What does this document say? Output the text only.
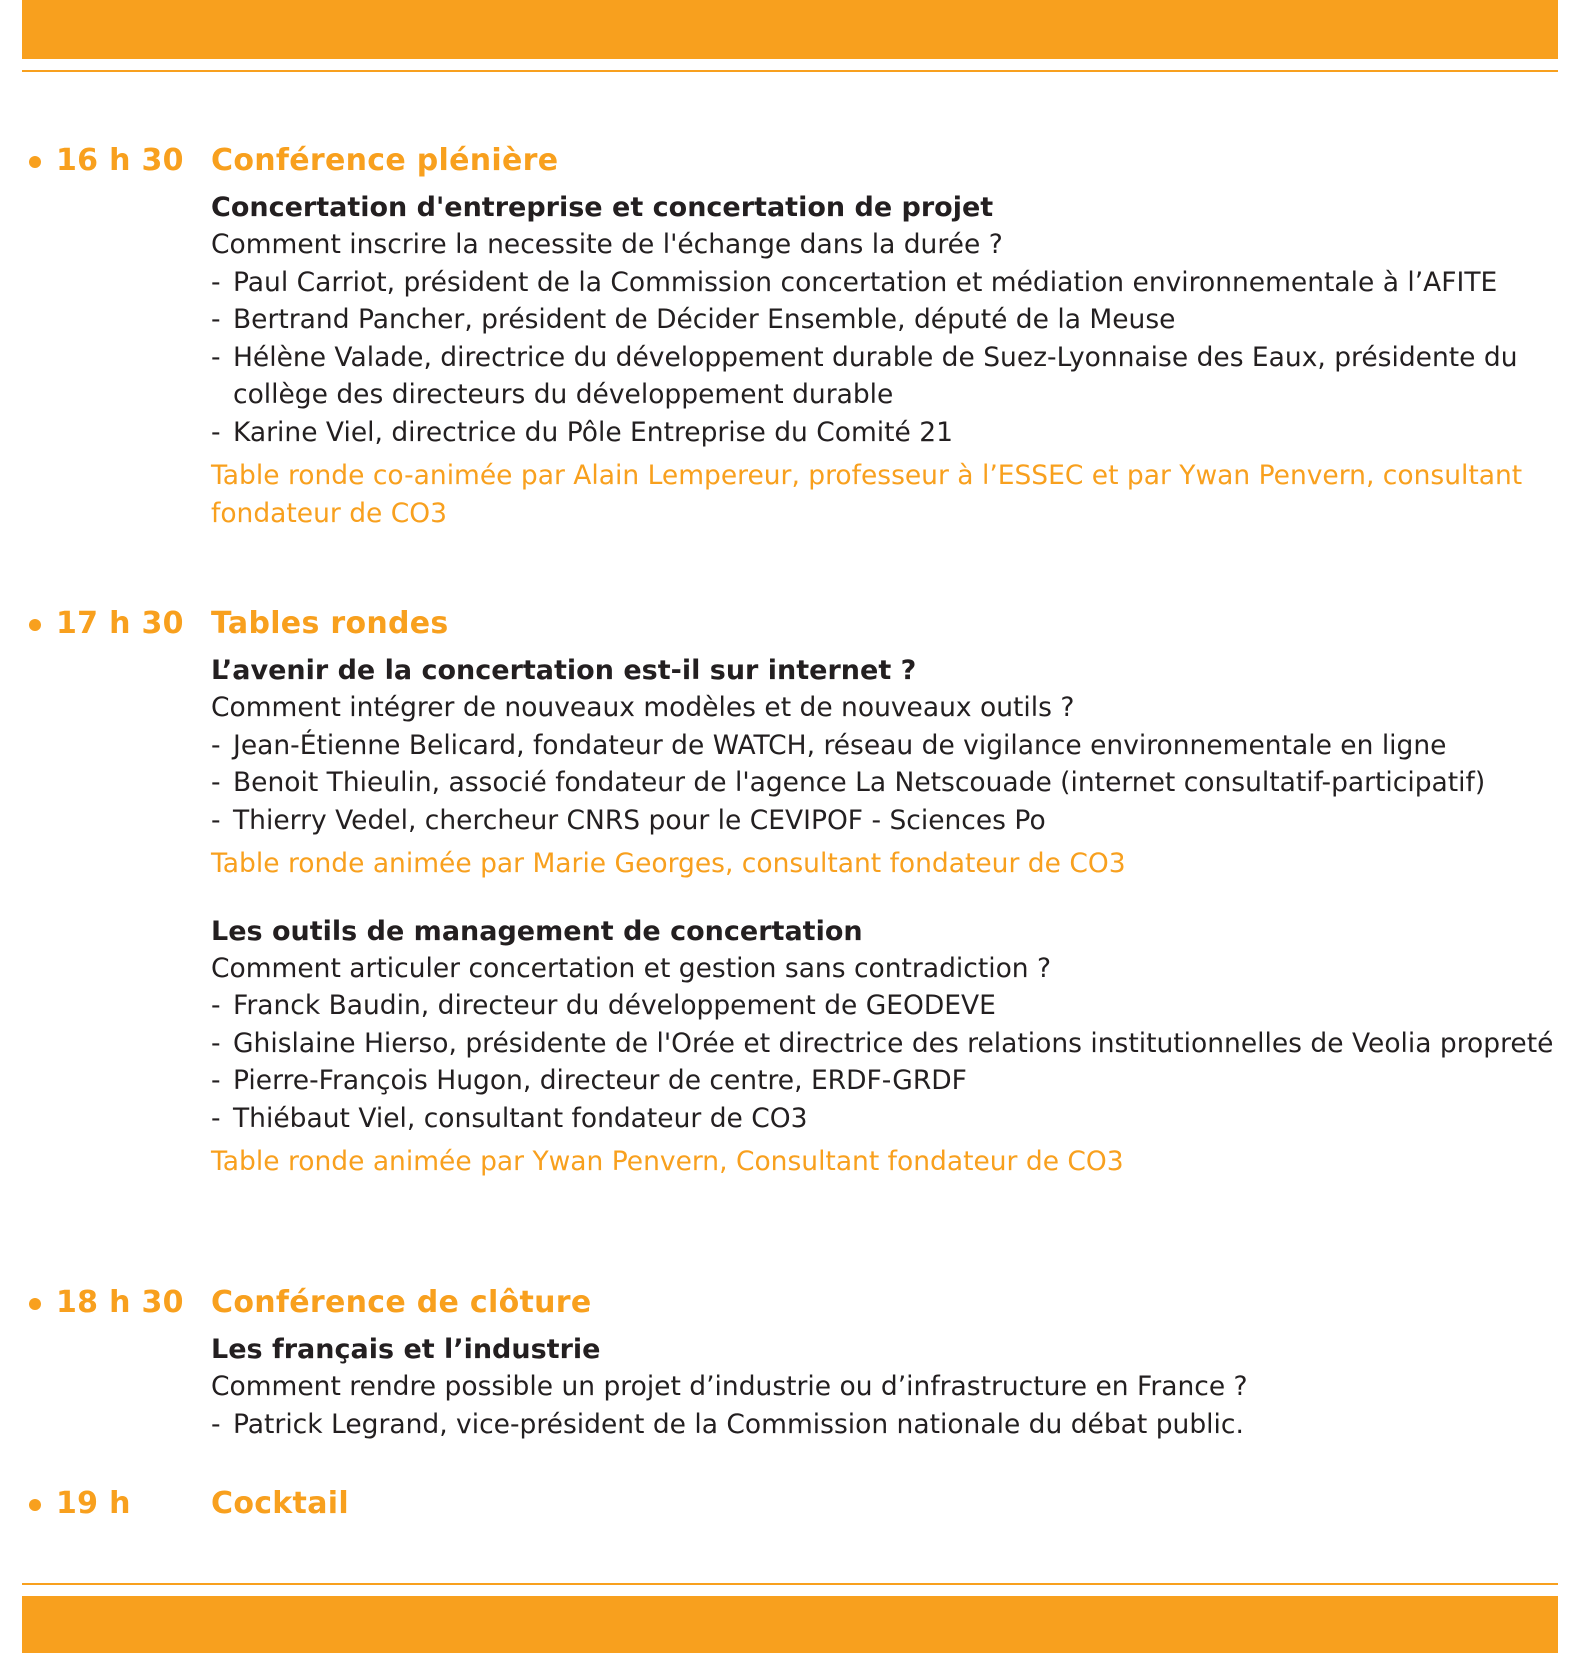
16 h 30 Conférence plénière
Concertation d'entreprise et concertation de projet
Comment inscrire la necessite de l'échange dans la durée ?
- Paul Carriot, président de la Commission concertation et médiation environnementale à l’AFITE
- Bertrand Pancher, président de Décider Ensemble, député de la Meuse
- Hélène Valade, directrice du développement durable de Suez-Lyonnaise des Eaux, présidente du collège des directeurs du développement durable
- Karine Viel, directrice du Pôle Entreprise du Comité 21
Table ronde co-animée par Alain Lempereur, professeur à l’ESSEC et par Ywan Penvern, consultant fondateur de CO3
17 h 30 Tables rondes
L’avenir de la concertation est-il sur internet ?
Comment intégrer de nouveaux modèles et de nouveaux outils ?
- Jean-Étienne Belicard, fondateur de WATCH, réseau de vigilance environnementale en ligne
- Benoit Thieulin, associé fondateur de l'agence La Netscouade (internet consultatif-participatif)
- Thierry Vedel, chercheur CNRS pour le CEVIPOF - Sciences Po
Table ronde animée par Marie Georges, consultant fondateur de CO3
Les outils de management de concertation
Comment articuler concertation et gestion sans contradiction ?
- Franck Baudin, directeur du développement de GEODEVE
- Ghislaine Hierso, présidente de l'Orée et directrice des relations institutionnelles de Veolia propreté
- Pierre-François Hugon, directeur de centre, ERDF-GRDF
- Thiébaut Viel, consultant fondateur de CO3
Table ronde animée par Ywan Penvern, Consultant fondateur de CO3
18 h 30 Conférence de clôture
Les français et l’industrie
Comment rendre possible un projet d’industrie ou d’infrastructure en France ?
- Patrick Legrand, vice-président de la Commission nationale du débat public.
19 h	Cocktail
